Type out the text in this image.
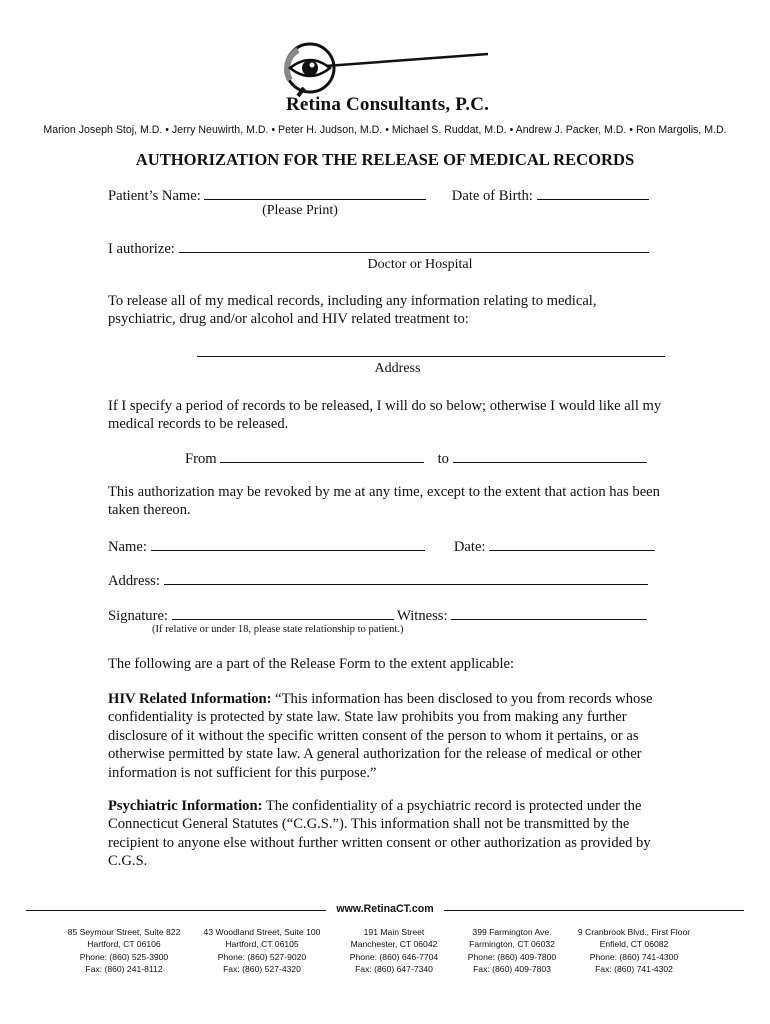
Retina Consultants, P.C.
Marion Joseph Stoj, M.D. • Jerry Neuwirth, M.D. • Peter H. Judson, M.D. • Michael S. Ruddat, M.D. • Andrew J. Packer, M.D. • Ron Margolis, M.D.
AUTHORIZATION FOR THE RELEASE OF MEDICAL RECORDS
Patient’s Name:	Date of Birth:
(Please Print)
I authorize:
Doctor or Hospital
To release all of my medical records, including any information relating to medical,
psychiatric, drug and/or alcohol and HIV related treatment to:
Address
If I specify a period of records to be released, I will do so below; otherwise I would like all my
medical records to be released.
From	to
This authorization may be revoked by me at any time, except to the extent that action has been
taken thereon.
Name:	Date:
Address:
Signature:	Witness:
(If relative or under 18, please state relationship to patient.)
The following are a part of the Release Form to the extent applicable:
HIV Related Information: “This information has been disclosed to you from records whose
confidentiality is protected by state law. State law prohibits you from making any further
disclosure of it without the specific written consent of the person to whom it pertains, or as
otherwise permitted by state law. A general authorization for the release of medical or other
information is not sufficient for this purpose.”
Psychiatric Information: The confidentiality of a psychiatric record is protected under the
Connecticut General Statutes (“C.G.S.”). This information shall not be transmitted by the
recipient to anyone else without further written consent or other authorization as provided by
C.G.S.
www.RetinaCT.com
85 Seymour Street, Suite 822
Hartford, CT 06106
Phone: (860) 525-3900
Fax: (860) 241-8112
43 Woodland Street, Suite 100
Hartford, CT 06105
Phone: (860) 527-9020
Fax: (860) 527-4320
191 Main Street
Manchester, CT 06042
Phone: (860) 646-7704
Fax: (860) 647-7340
399 Farmington Ave.
Farmington, CT 06032
Phone: (860) 409-7800
Fax: (860) 409-7803
9 Cranbrook Blvd., First Floor
Enfield, CT 06082
Phone: (860) 741-4300
Fax: (860) 741-4302
